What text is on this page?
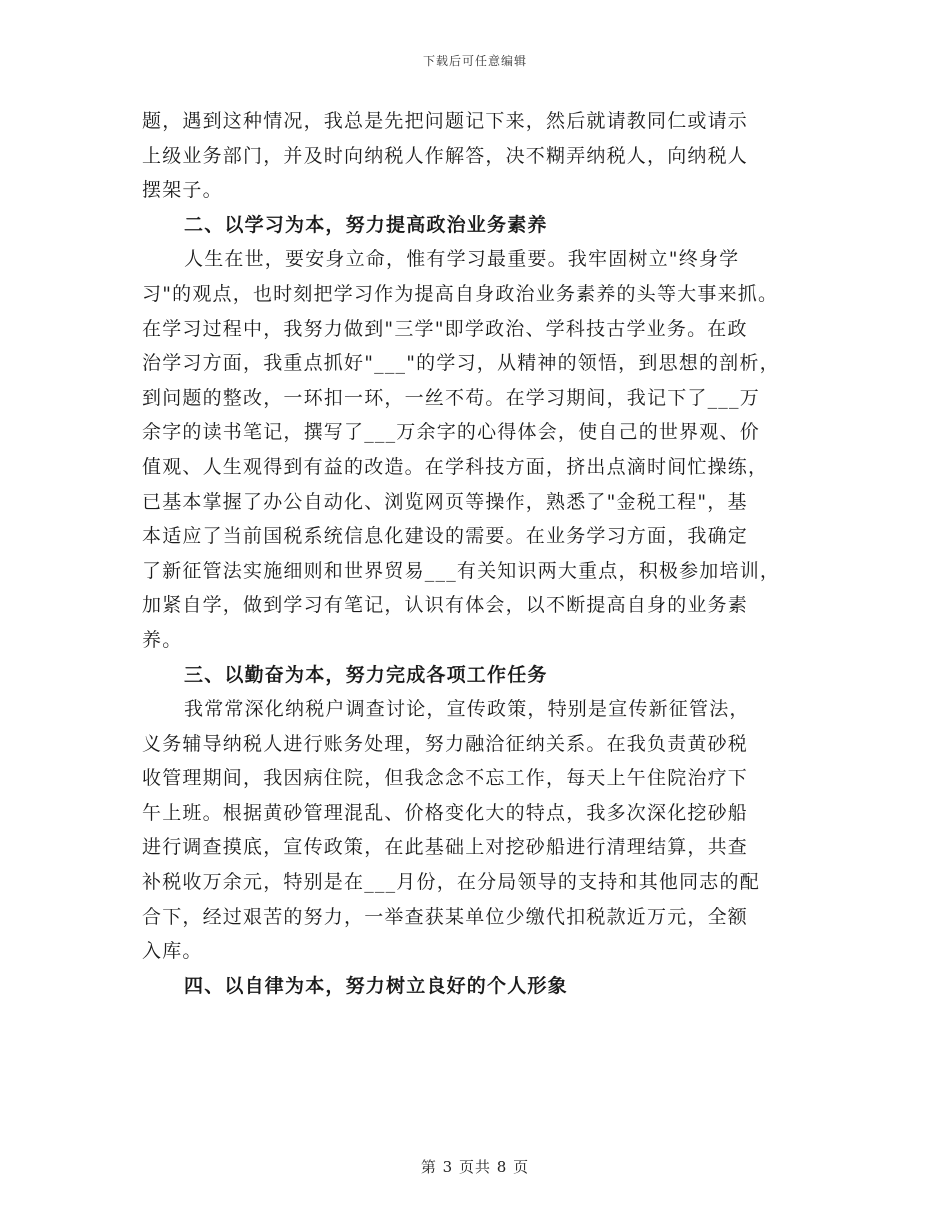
下载后可任意编辑
题，遇到这种情况，我总是先把问题记下来，然后就请教同仁或请示
上级业务部门，并及时向纳税人作解答，决不糊弄纳税人，向纳税人
摆架子。
二、以学习为本，努力提高政治业务素养
人生在世，要安身立命，惟有学习最重要。我牢固树立"终身学
习"的观点，也时刻把学习作为提高自身政治业务素养的头等大事来抓。
在学习过程中，我努力做到"三学"即学政治、学科技古学业务。在政
治学习方面，我重点抓好"___"的学习，从精神的领悟，到思想的剖析，
到问题的整改，一环扣一环，一丝不苟。在学习期间，我记下了___万
余字的读书笔记，撰写了___万余字的心得体会，使自己的世界观、价
值观、人生观得到有益的改造。在学科技方面，挤出点滴时间忙操练，
已基本掌握了办公自动化、浏览网页等操作，熟悉了"金税工程"，基
本适应了当前国税系统信息化建设的需要。在业务学习方面，我确定
了新征管法实施细则和世界贸易___有关知识两大重点，积极参加培训，
加紧自学，做到学习有笔记，认识有体会，以不断提高自身的业务素
养。
三、以勤奋为本，努力完成各项工作任务
我常常深化纳税户调查讨论，宣传政策，特别是宣传新征管法，
义务辅导纳税人进行账务处理，努力融洽征纳关系。在我负责黄砂税
收管理期间，我因病住院，但我念念不忘工作，每天上午住院治疗下
午上班。根据黄砂管理混乱、价格变化大的特点，我多次深化挖砂船
进行调查摸底，宣传政策，在此基础上对挖砂船进行清理结算，共查
补税收万余元，特别是在___月份，在分局领导的支持和其他同志的配
合下，经过艰苦的努力，一举查获某单位少缴代扣税款近万元，全额
入库。
四、以自律为本，努力树立良好的个人形象
第 3 页共 8 页
